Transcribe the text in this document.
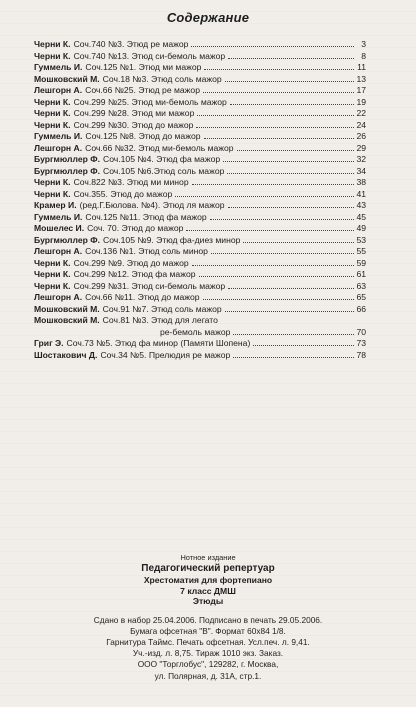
Содержание
Черни К. Соч.740 №3. Этюд ре мажор	3
Черни К. Соч.740 №13. Этюд си-бемоль мажор	8
Гуммель И. Соч.125 №1. Этюд ми мажор	11
Мошковский М. Соч.18 №3. Этюд соль мажор	13
Лешгорн А. Соч.66 №25. Этюд ре мажор	17
Черни К. Соч.299 №25. Этюд ми-бемоль мажор	19
Черни К. Соч.299 №28. Этюд ми мажор	22
Черни К. Соч.299 №30. Этюд до мажор	24
Гуммель И. Соч.125 №8. Этюд до мажор	26
Лешгорн А. Соч.66 №32. Этюд ми-бемоль мажор	29
Бургмюллер Ф. Соч.105 №4. Этюд фа мажор	32
Бургмюллер Ф. Соч.105 №6.Этюд соль мажор	34
Черни К. Соч.822 №3. Этюд ми минор	38
Черни К. Соч.355. Этюд до мажор	41
Крамер И. (ред.Г.Бюлова. №4). Этюд ля мажор	43
Гуммель И. Соч.125 №11. Этюд фа мажор	45
Мошелес И. Соч. 70. Этюд до мажор	49
Бургмюллер Ф. Соч.105 №9. Этюд фа-диез минор	53
Лешгорн А. Соч.136 №1. Этюд соль минор	55
Черни К. Соч.299 №9. Этюд до мажор	59
Черни К. Соч.299 №12. Этюд фа мажор	61
Черни К. Соч.299 №31. Этюд си-бемоль мажор	63
Лешгорн А. Соч.66 №11. Этюд до мажор	65
Мошковский М. Соч.91 №7. Этюд соль мажор	66
Мошковский М. Соч.81 №3. Этюд для легато
ре-бемоль мажор	70
Григ Э. Соч.73 №5. Этюд фа минор (Памяти Шопена)	73
Шостакович Д. Соч.34 №5. Прелюдия ре мажор	78
Нотное издание
Педагогический репертуар
Хрестоматия для фортепиано
7 класс ДМШ
Этюды
Сдано в набор 25.04.2006. Подписано в печать 29.05.2006.
Бумага офсетная "В". Формат 60х84 1/8.
Гарнитура Таймс. Печать офсетная. Усл.печ. л. 9,41.
Уч.-изд. л. 8,75. Тираж 1010 экз. Заказ.
ООО "Торглобус", 129282, г. Москва,
ул. Полярная, д. 31А, стр.1.
